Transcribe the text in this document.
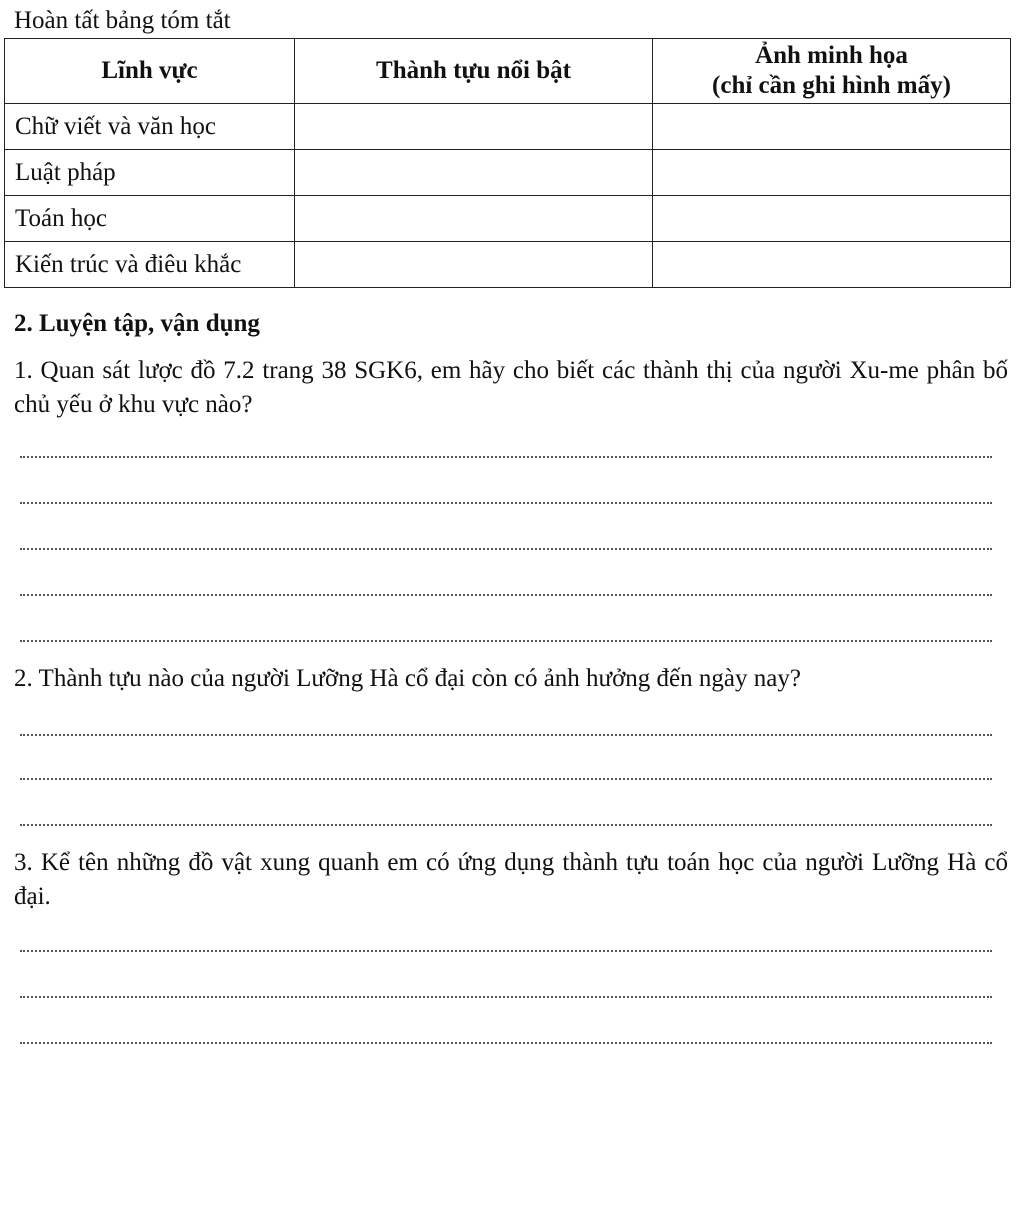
Hoàn tất bảng tóm tắt

Lĩnh vực	Thành tựu nổi bật	Ảnh minh họa
(chỉ cần ghi hình mấy)
Chữ viết và văn học		
Luật pháp		
Toán học		
Kiến trúc và điêu khắc		

2. Luyện tập, vận dụng

1. Quan sát lược đồ 7.2 trang 38 SGK6, em hãy cho biết các thành thị của người Xu-me phân bố chủ yếu ở khu vực nào?

2. Thành tựu nào của người Lưỡng Hà cổ đại còn có ảnh hưởng đến ngày nay?

3. Kể tên những đồ vật xung quanh em có ứng dụng thành tựu toán học của người Lưỡng Hà cổ đại.
